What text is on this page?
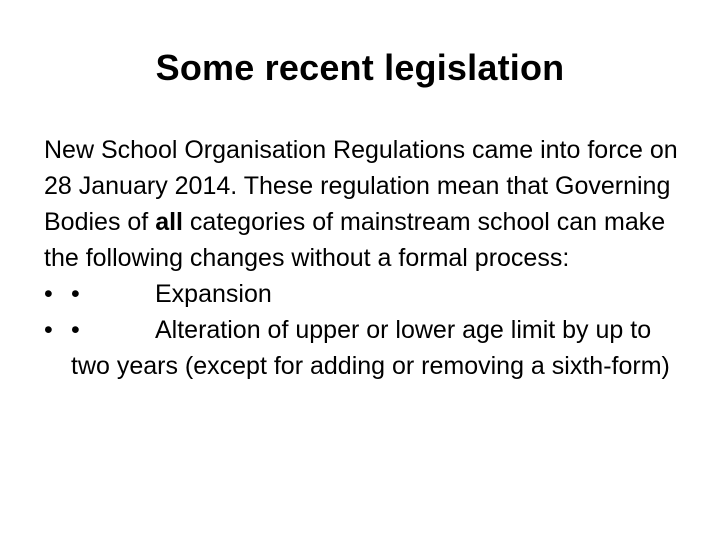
Some recent legislation

New School Organisation Regulations came into force on 28 January 2014. These regulation mean that Governing Bodies of all categories of mainstream school can make the following changes without a formal process:

• •	Expansion
• •	Alteration of upper or lower age limit by up to two years (except for adding or removing a sixth-form)
